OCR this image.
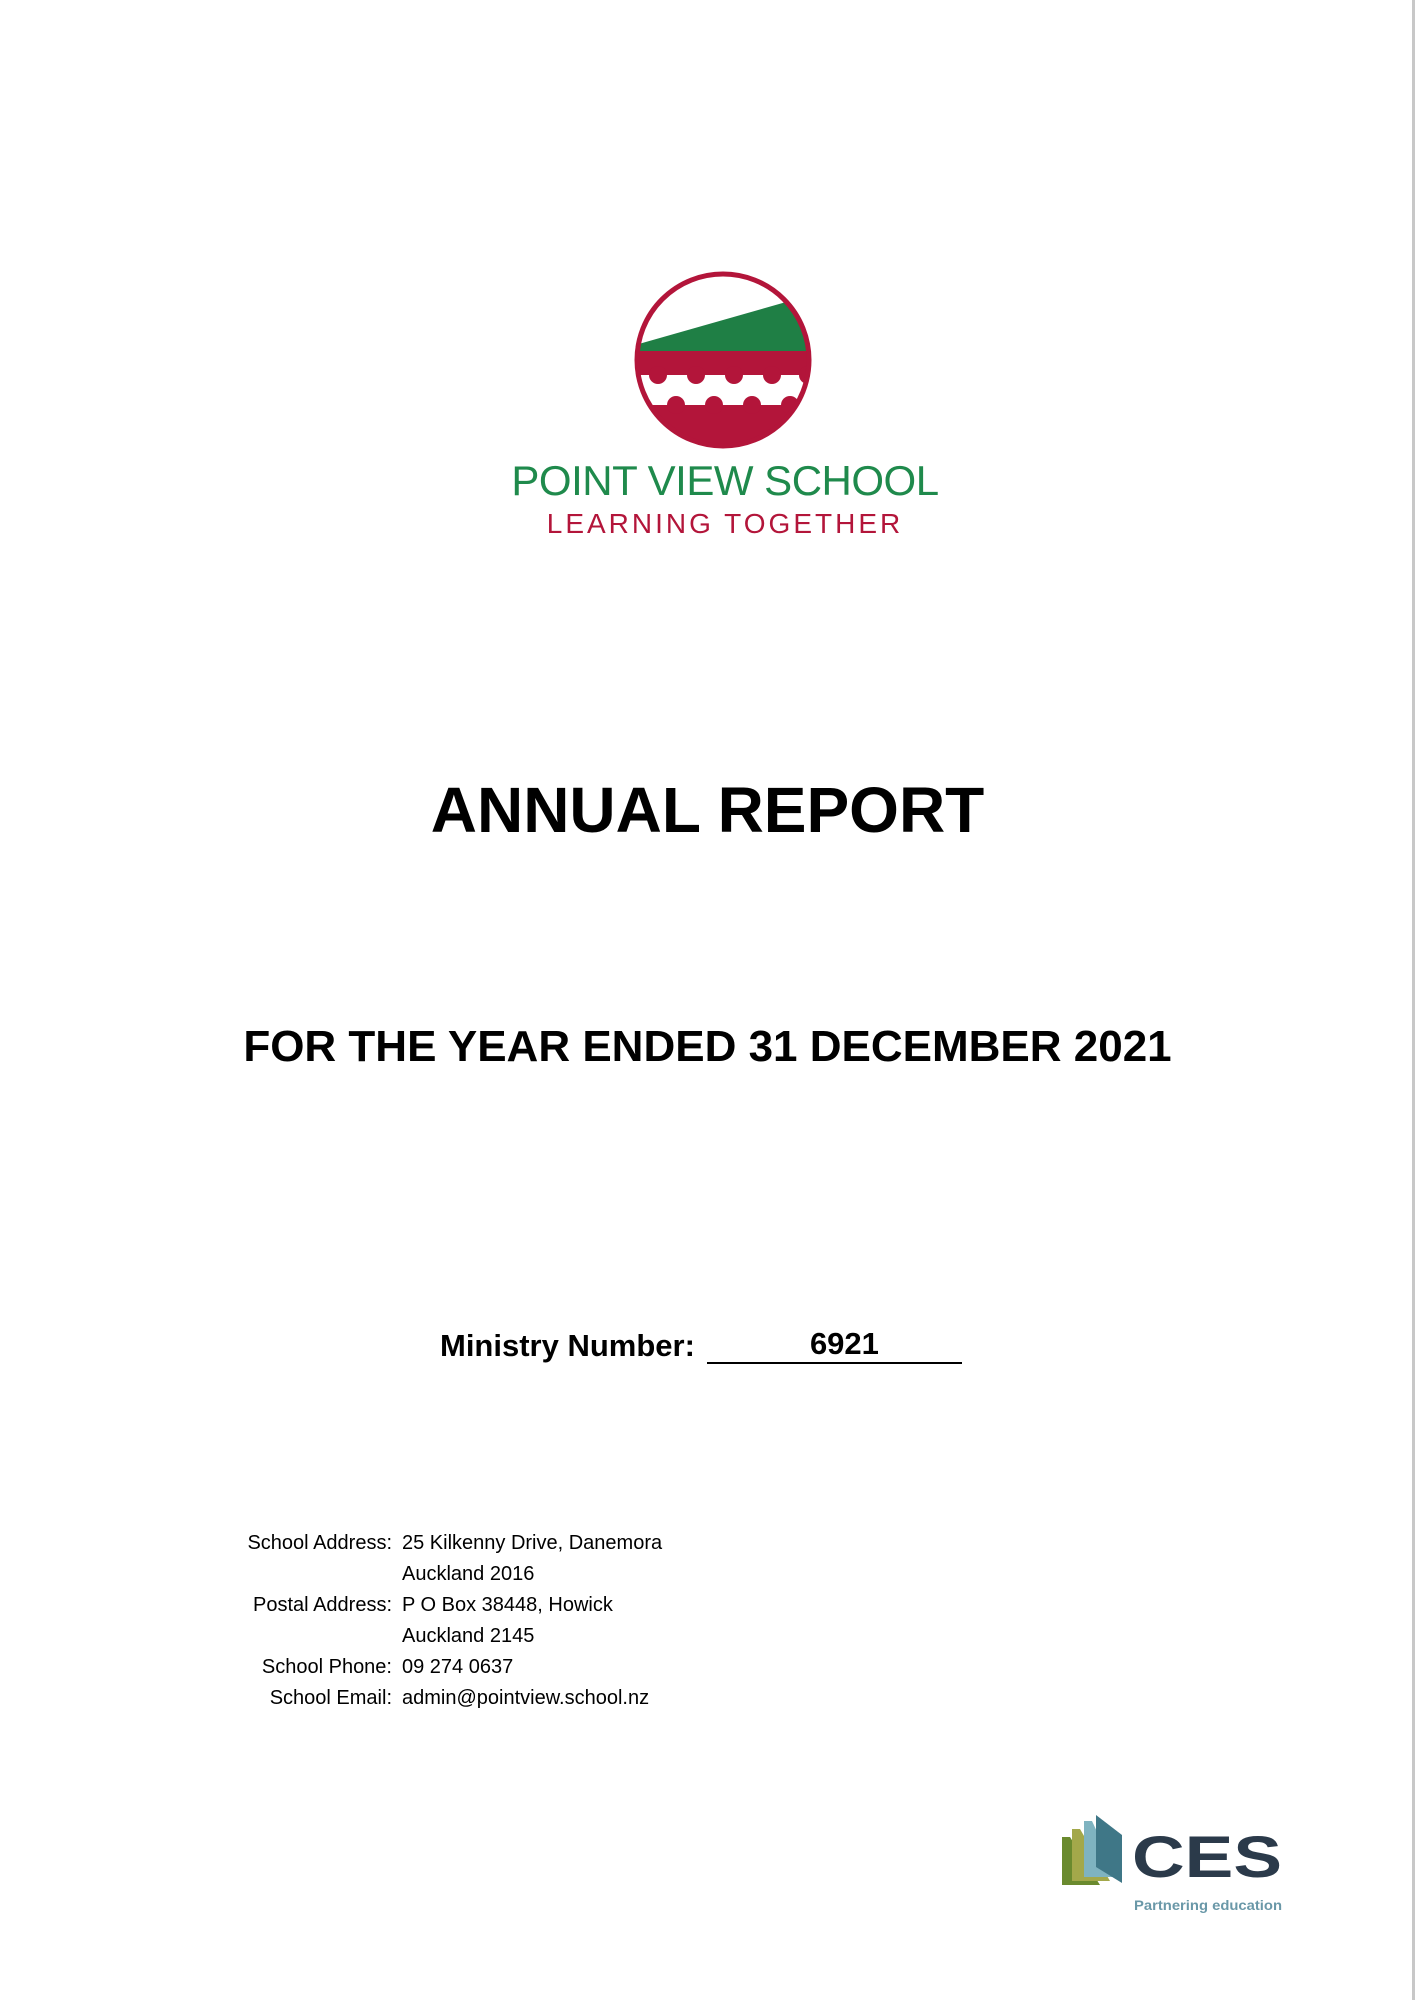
POINT VIEW SCHOOL
LEARNING TOGETHER
ANNUAL REPORT
FOR THE YEAR ENDED 31 DECEMBER 2021
Ministry Number:	6921
School Address: 25 Kilkenny Drive, Danemora
Auckland 2016
Postal Address: P O Box 38448, Howick
Auckland 2145
School Phone: 09 274 0637
School Email: admin@pointview.school.nz
CES
Partnering education
